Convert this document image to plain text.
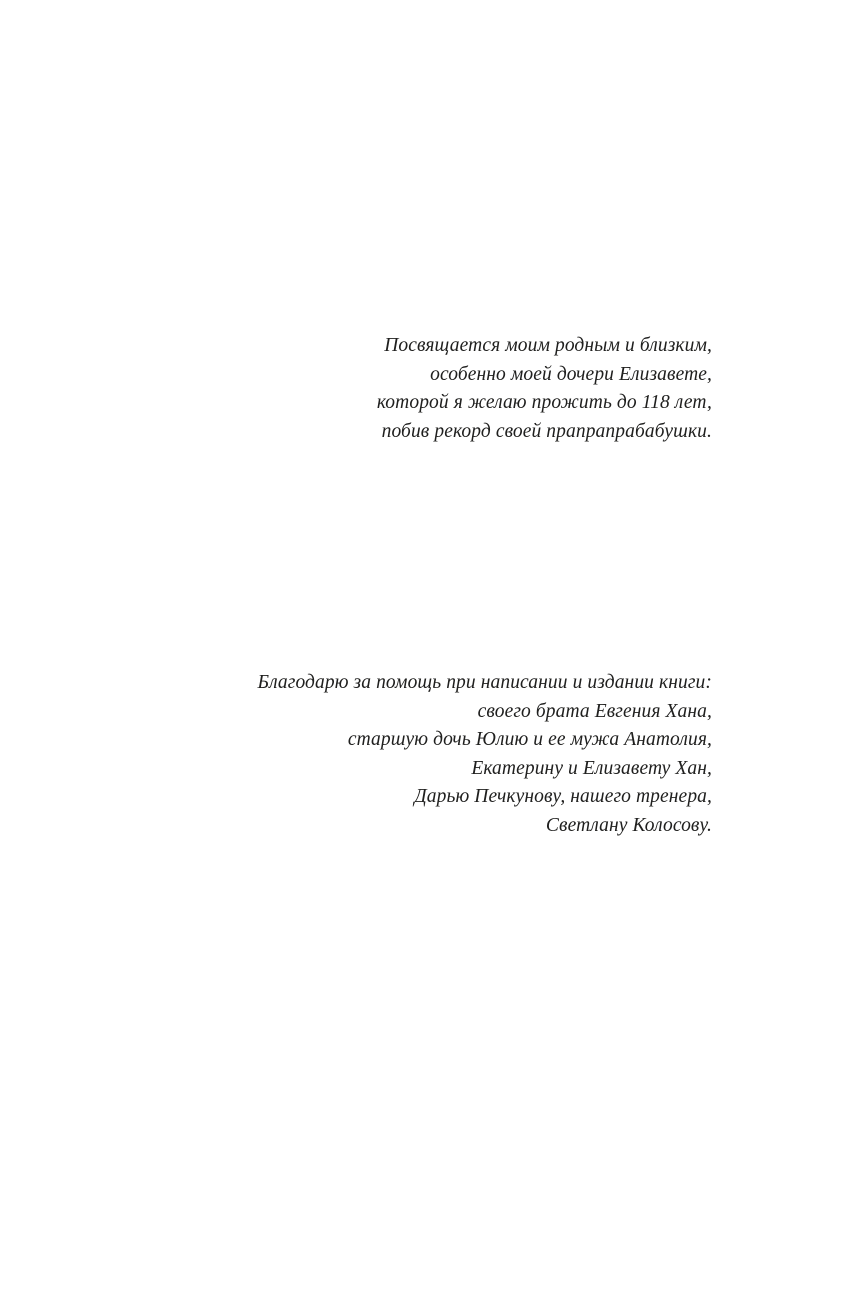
Посвящается моим родным и близким,
особенно моей дочери Елизавете,
которой я желаю прожить до 118 лет,
побив рекорд своей прапрапрабабушки.
Благодарю за помощь при написании и издании книги:
своего брата Евгения Хана,
старшую дочь Юлию и ее мужа Анатолия,
Екатерину и Елизавету Хан,
Дарью Печкунову, нашего тренера,
Светлану Колосову.
